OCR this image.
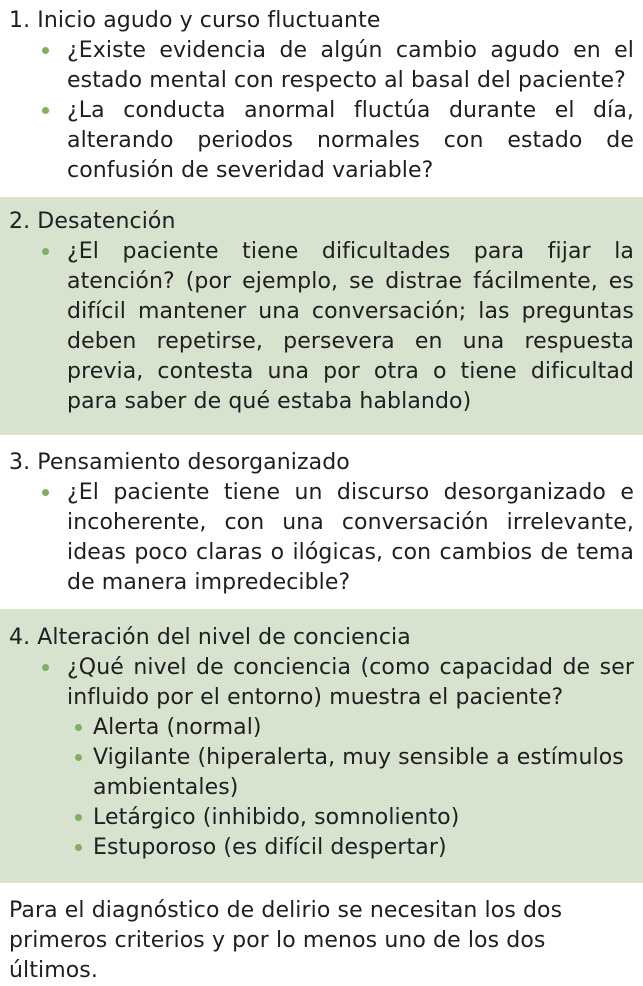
1. Inicio agudo y curso fluctuante

¿Existe evidencia de algún cambio agudo en el estado mental con respecto al basal del paciente?
¿La conducta anormal fluctúa durante el día, alterando periodos normales con estado de confusión de severidad variable?

2. Desatención

¿El paciente tiene dificultades para fijar la atención? (por ejemplo, se distrae fácilmente, es difícil mantener una conversación; las preguntas deben repetirse, persevera en una respuesta previa, contesta una por otra o tiene dificultad para saber de qué estaba hablando)

3. Pensamiento desorganizado

¿El paciente tiene un discurso desorganizado e incoherente, con una conversación irrelevante, ideas poco claras o ilógicas, con cambios de tema de manera impredecible?

4. Alteración del nivel de conciencia

¿Qué nivel de conciencia (como capacidad de ser influido por el entorno) muestra el paciente?
Alerta (normal)
Vigilante (hiperalerta, muy sensible a estímulos ambientales)
Letárgico (inhibido, somnoliento)
Estuporoso (es difícil despertar)

Para el diagnóstico de delirio se necesitan los dos primeros criterios y por lo menos uno de los dos últimos.
